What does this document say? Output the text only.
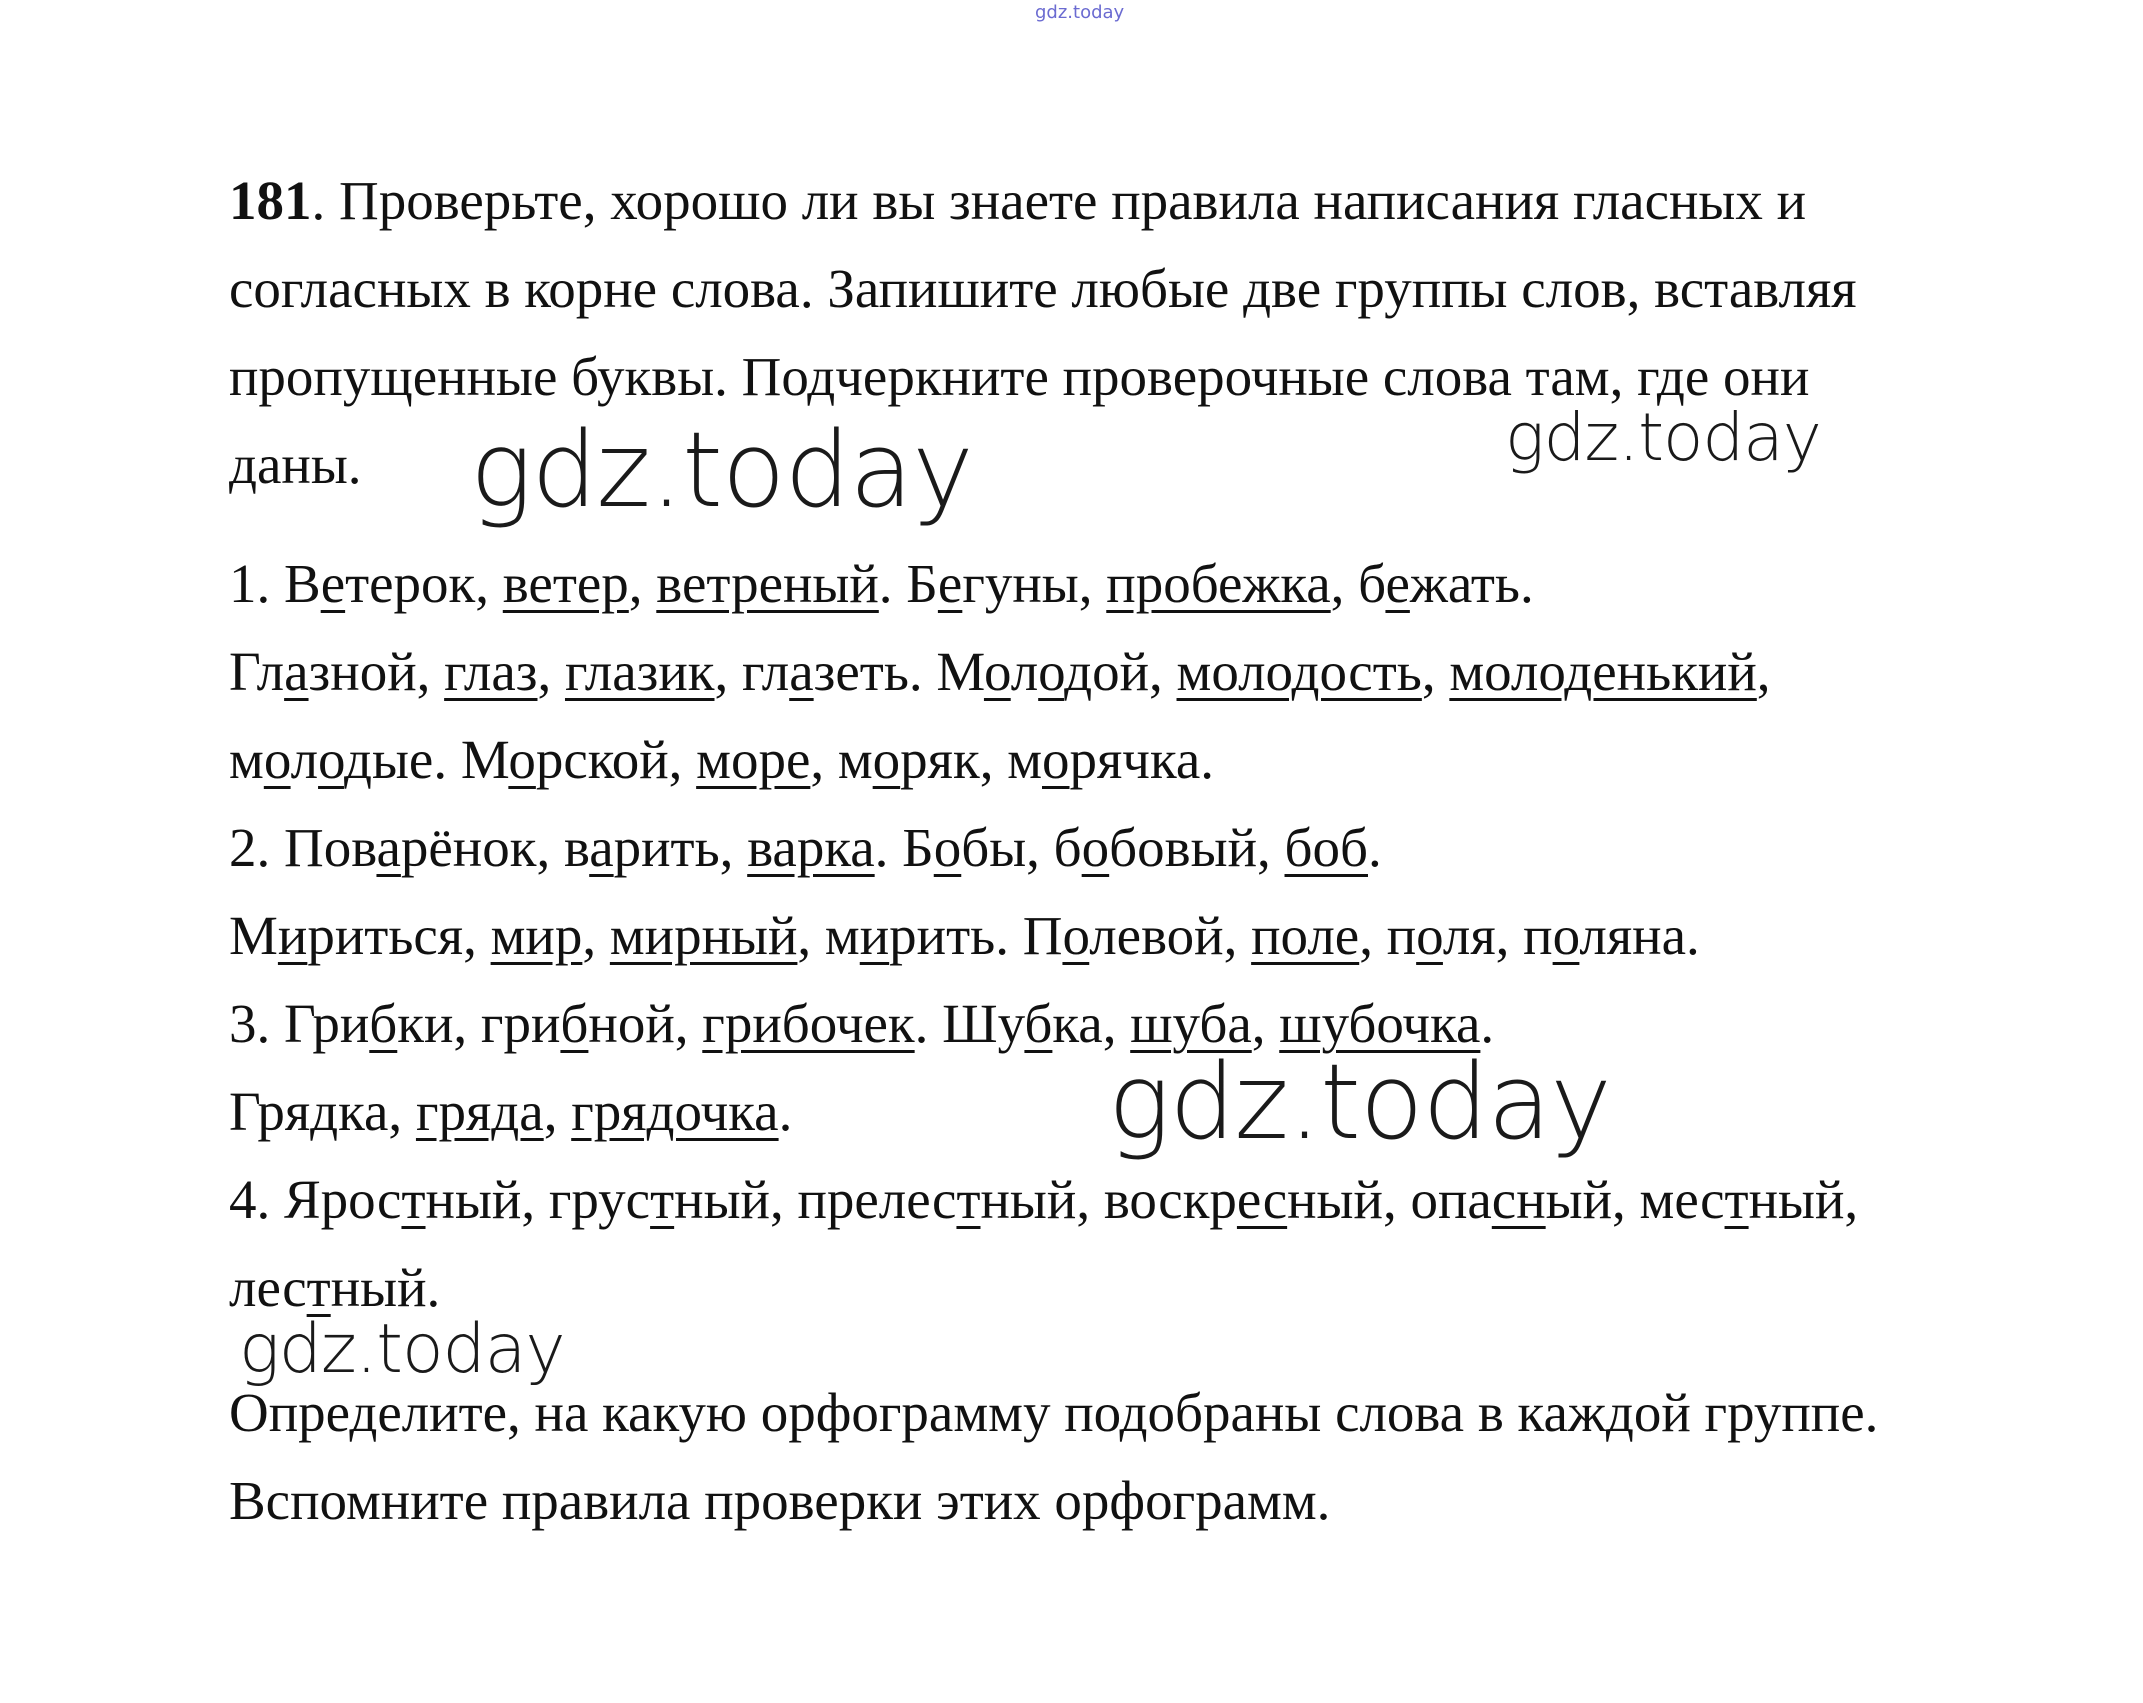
gdz.today
181. Проверьте, хорошо ли вы знаете правила написания гласных и
согласных в корне слова. Запишите любые две группы слов, вставляя
пропущенные буквы. Подчеркните проверочные слова там, где они
даны. gdz.today	gdz.today
gdz.today
gdz.today
1. Ветерок, ветер, ветреный. Бегуны, пробежка, бежать.
Глазной, глаз, глазик, глазеть. Молодой, молодость, молоденький,
молодые. Морской, море, моряк, морячка.
2. Поварёнок, варить, варка. Бобы, бобовый, боб.
Мириться, мир, мирный, мирить. Полевой, поле, поля, поляна.
3. Грибки, грибной, грибочек. Шубка, шуба, шубочка.
Грядка, гряда, грядочка.
4. Яростный, грустный, прелестный, воскресный, опасный, местный,
лестный.
Определите, на какую орфограмму подобраны слова в каждой группе.
Вспомните правила проверки этих орфограмм.
